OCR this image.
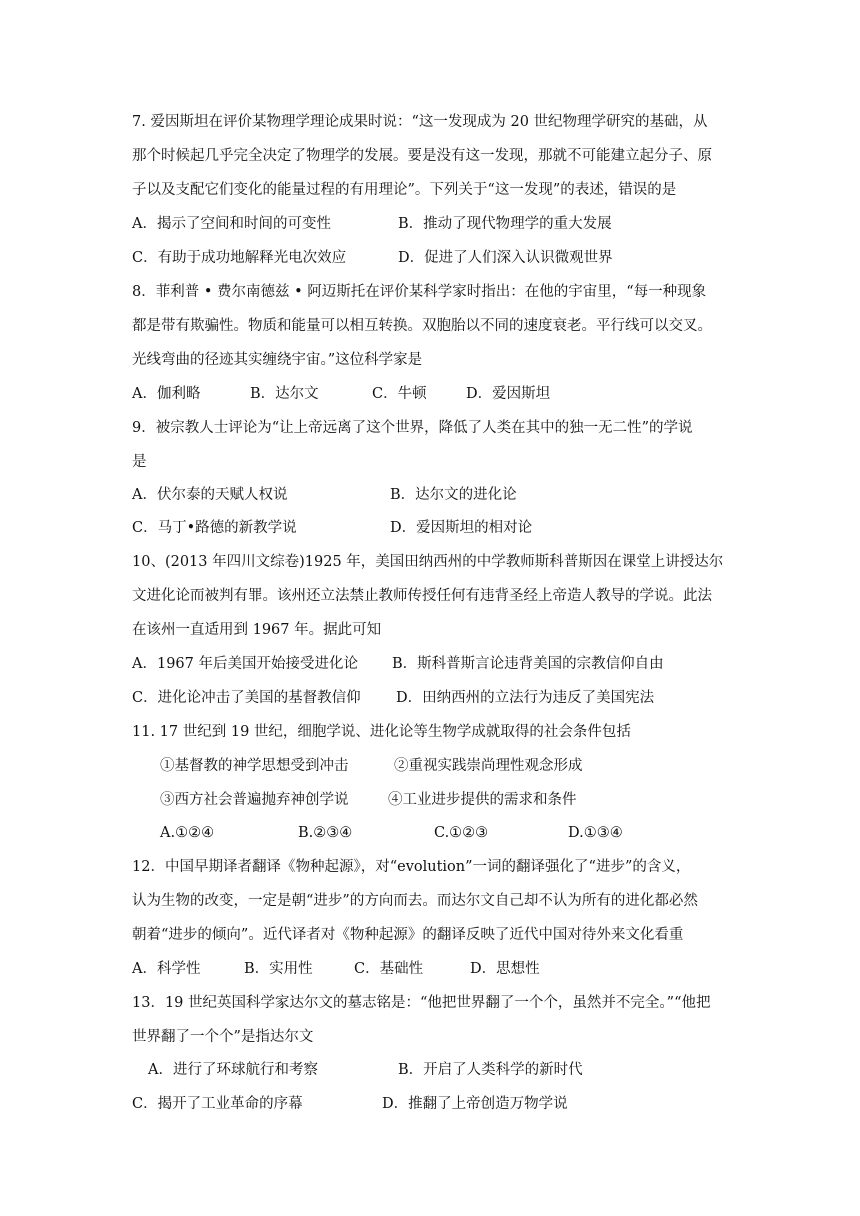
7. 爱因斯坦在评价某物理学理论成果时说：“这一发现成为 20 世纪物理学研究的基础，从
那个时候起几乎完全决定了物理学的发展。要是没有这一发现，那就不可能建立起分子、原
子以及支配它们变化的能量过程的有用理论”。下列关于“这一发现”的表述，错误的是
A．揭示了空间和时间的可变性	B．推动了现代物理学的重大发展
C．有助于成功地解释光电次效应	D．促进了人们深入认识微观世界
8．菲利普 • 费尔南德兹 • 阿迈斯托在评价某科学家时指出：在他的宇宙里，“每一种现象
都是带有欺骗性。物质和能量可以相互转换。双胞胎以不同的速度衰老。平行线可以交叉。
光线弯曲的径迹其实缠绕宇宙。”这位科学家是
A．伽利略	B．达尔文	C．牛顿	D．爱因斯坦
9．被宗教人士评论为“让上帝远离了这个世界，降低了人类在其中的独一无二性”的学说
是
A．伏尔泰的天赋人权说	B．达尔文的进化论
C．马丁•路德的新教学说	D．爱因斯坦的相对论
10、(2013 年四川文综卷)1925 年，美国田纳西州的中学教师斯科普斯因在课堂上讲授达尔
文进化论而被判有罪。该州还立法禁止教师传授任何有违背圣经上帝造人教导的学说。此法
在该州一直适用到 1967 年。据此可知
A．1967 年后美国开始接受进化论 B．斯科普斯言论违背美国的宗教信仰自由
C．进化论冲击了美国的基督教信仰 D．田纳西州的立法行为违反了美国宪法
11. 17 世纪到 19 世纪，细胞学说、进化论等生物学成就取得的社会条件包括
①基督教的神学思想受到冲击	②重视实践崇尚理性观念形成
③西方社会普遍抛弃神创学说	④工业进步提供的需求和条件
A.①②④	B.②③④	C.①②③	D.①③④
12．中国早期译者翻译《物种起源》，对“evolution”一词的翻译强化了“进步”的含义，
认为生物的改变，一定是朝“进步”的方向而去。而达尔文自己却不认为所有的进化都必然
朝着“进步的倾向”。近代译者对《物种起源》的翻译反映了近代中国对待外来文化看重
A．科学性	B．实用性	C．基础性	D．思想性
13．19 世纪英国科学家达尔文的墓志铭是：“他把世界翻了一个个，虽然并不完全。”“他把
世界翻了一个个”是指达尔文
A．进行了环球航行和考察	B．开启了人类科学的新时代
C．揭开了工业革命的序幕	D．推翻了上帝创造万物学说
